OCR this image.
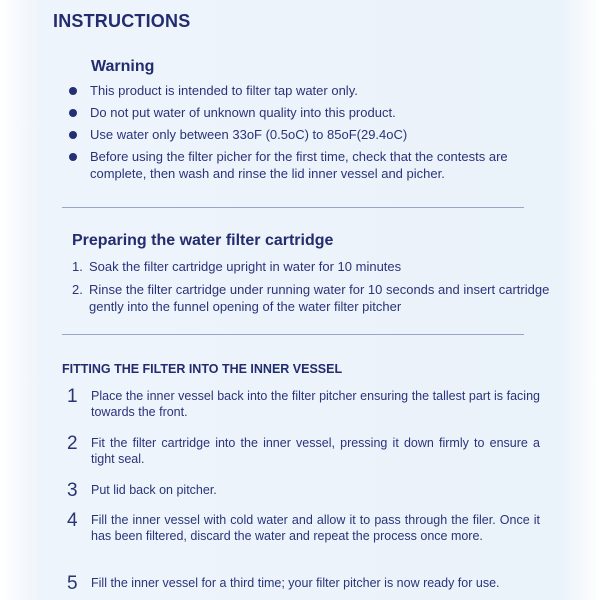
INSTRUCTIONS
Warning
This product is intended to filter tap water only.
Do not put water of unknown quality into this product.
Use water only between 33oF (0.5oC) to 85oF(29.4oC)
Before using the filter picher for the first time, check that the contests are complete, then wash and rinse the lid inner vessel and picher.
Preparing the water filter cartridge
1. Soak the filter cartridge upright in water for 10 minutes
2. Rinse the filter cartridge under running water for 10 seconds and insert cartridge gently into the funnel opening of the water filter pitcher
FITTING THE FILTER INTO THE INNER VESSEL
1 Place the inner vessel back into the filter pitcher ensuring the tallest part is facing towards the front.
2 Fit the filter cartridge into the inner vessel, pressing it down firmly to ensure a tight seal.
3 Put lid back on pitcher.
4 Fill the inner vessel with cold water and allow it to pass through the filer. Once it has been filtered, discard the water and repeat the process once more.
5 Fill the inner vessel for a third time; your filter pitcher is now ready for use.
